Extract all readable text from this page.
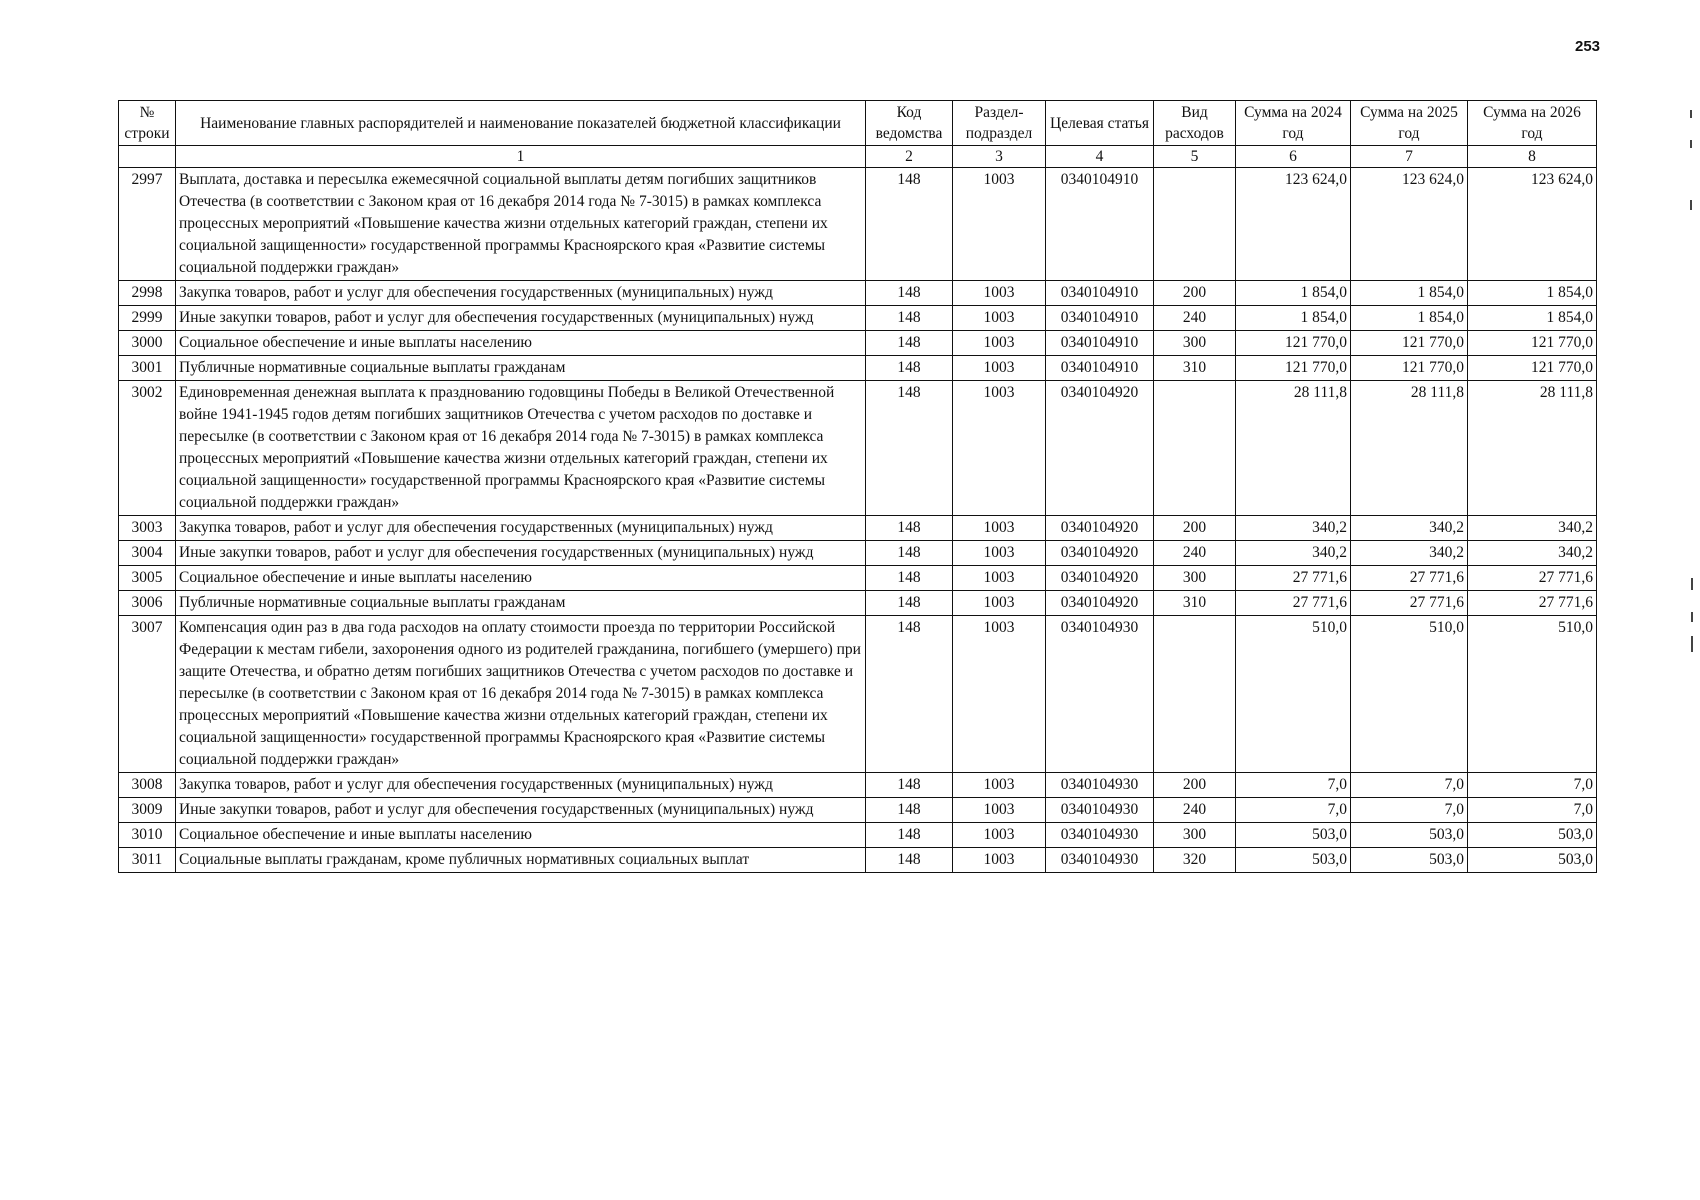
253
№ строки	Наименование главных распорядителей и наименование показателей бюджетной классификации	Код ведомства	Раздел-подраздел	Целевая статья	Вид расходов	Сумма на 2024 год	Сумма на 2025 год	Сумма на 2026 год
	1	2	3	4	5	6	7	8
2997	Выплата, доставка и пересылка ежемесячной социальной выплаты детям погибших защитников Отечества (в соответствии с Законом края от 16 декабря 2014 года № 7-3015) в рамках комплекса процессных мероприятий «Повышение качества жизни отдельных категорий граждан, степени их социальной защищенности» государственной программы Красноярского края «Развитие системы социальной поддержки граждан»	148	1003	0340104910		123 624,0	123 624,0	123 624,0
2998	Закупка товаров, работ и услуг для обеспечения государственных (муниципальных) нужд	148	1003	0340104910	200	1 854,0	1 854,0	1 854,0
2999	Иные закупки товаров, работ и услуг для обеспечения государственных (муниципальных) нужд	148	1003	0340104910	240	1 854,0	1 854,0	1 854,0
3000	Социальное обеспечение и иные выплаты населению	148	1003	0340104910	300	121 770,0	121 770,0	121 770,0
3001	Публичные нормативные социальные выплаты гражданам	148	1003	0340104910	310	121 770,0	121 770,0	121 770,0
3002	Единовременная денежная выплата к празднованию годовщины Победы в Великой Отечественной войне 1941-1945 годов детям погибших защитников Отечества с учетом расходов по доставке и пересылке (в соответствии с Законом края от 16 декабря 2014 года № 7-3015) в рамках комплекса процессных мероприятий «Повышение качества жизни отдельных категорий граждан, степени их социальной защищенности» государственной программы Красноярского края «Развитие системы социальной поддержки граждан»	148	1003	0340104920		28 111,8	28 111,8	28 111,8
3003	Закупка товаров, работ и услуг для обеспечения государственных (муниципальных) нужд	148	1003	0340104920	200	340,2	340,2	340,2
3004	Иные закупки товаров, работ и услуг для обеспечения государственных (муниципальных) нужд	148	1003	0340104920	240	340,2	340,2	340,2
3005	Социальное обеспечение и иные выплаты населению	148	1003	0340104920	300	27 771,6	27 771,6	27 771,6
3006	Публичные нормативные социальные выплаты гражданам	148	1003	0340104920	310	27 771,6	27 771,6	27 771,6
3007	Компенсация один раз в два года расходов на оплату стоимости проезда по территории Российской Федерации к местам гибели, захоронения одного из родителей гражданина, погибшего (умершего) при защите Отечества, и обратно детям погибших защитников Отечества с учетом расходов по доставке и пересылке (в соответствии с Законом края от 16 декабря 2014 года № 7-3015) в рамках комплекса процессных мероприятий «Повышение качества жизни отдельных категорий граждан, степени их социальной защищенности» государственной программы Красноярского края «Развитие системы социальной поддержки граждан»	148	1003	0340104930		510,0	510,0	510,0
3008	Закупка товаров, работ и услуг для обеспечения государственных (муниципальных) нужд	148	1003	0340104930	200	7,0	7,0	7,0
3009	Иные закупки товаров, работ и услуг для обеспечения государственных (муниципальных) нужд	148	1003	0340104930	240	7,0	7,0	7,0
3010	Социальное обеспечение и иные выплаты населению	148	1003	0340104930	300	503,0	503,0	503,0
3011	Социальные выплаты гражданам, кроме публичных нормативных социальных выплат	148	1003	0340104930	320	503,0	503,0	503,0
